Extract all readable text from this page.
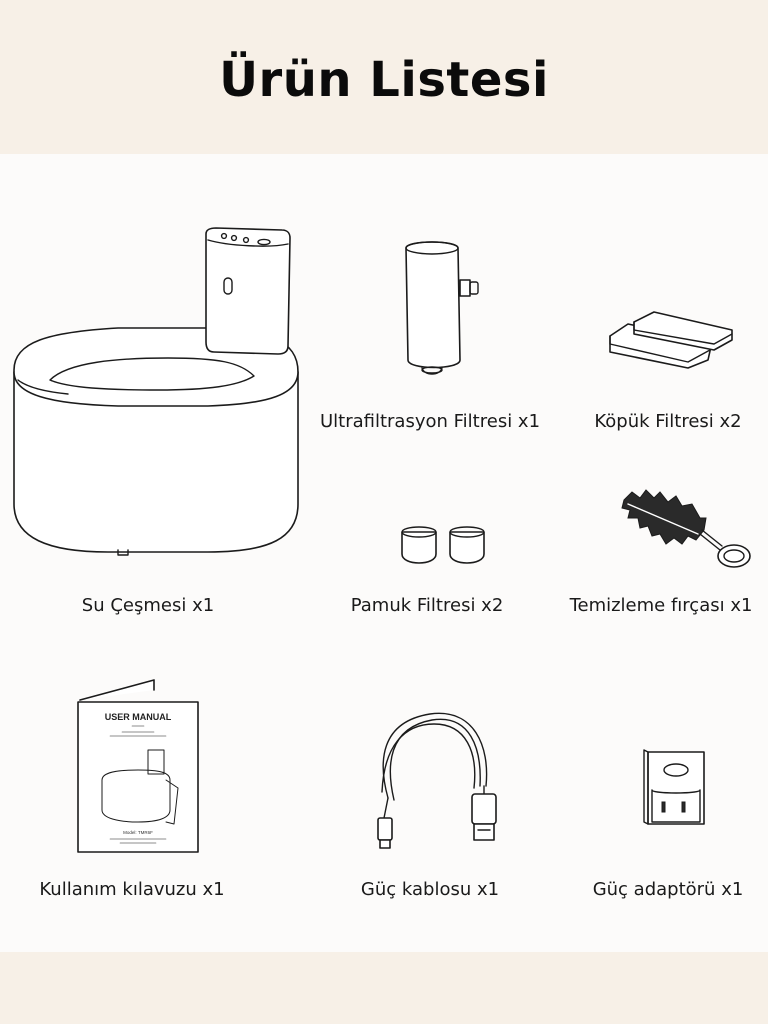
Ürün Listesi
Su Çeşmesi x1
Ultrafiltrasyon Filtresi x1	Köpük Filtresi x2
Pamuk Filtresi x2	Temizleme fırçası x1
USER MANUAL
Model: TMR6F
Kullanım kılavuzu x1	Güç kablosu x1	Güç adaptörü x1
